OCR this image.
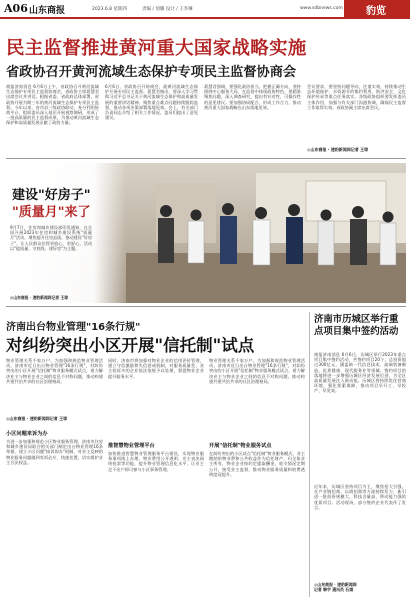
A06 山东商报	2023.6.8 星期四	责编 / 划璐 设计 / 王李琳	www.sdbnews.com 豹览
民主监督推进黄河重大国家战略实施
省政协召开黄河流域生态保护专项民主监督协商会
商报济南消息 6月6日上午，省政协召开黄河流域生态保护专项民主监督协商会，省政协主席葛慧君出席会议并讲话。根据省委、省政府总体部署，省政协开展为期三年的黄河流域生态保护专项民主监督。今年以来，省市县三级政协联动，充分利用协商平台，组织委员深入基层开展视察调研，形成了一批高质量的民主监督成果，为推动黄河流域生态保护和高质量发展贡献了政协力量。
6月6日，省政协召开协商会，就黄河流域生态保护开展专项民主监督。葛慧君指出，要深入学习贯彻习近平总书记关于黄河流域生态保护和高质量发展的重要讲话精神，聚焦重点难点问题持续跟踪监督，推动各项决策部署落地见效。会上，有关部门负责同志介绍了相关工作情况，委员们提出了意见建议。
葛慧君强调，要强化政治担当，把握正确方向，坚持围绕中心服务大局，在监督中体现政协特色。要精准聚焦问题，深入调查研究，提出有针对性、可操作性的意见建议。要加强协同配合，形成工作合力，推动黄河重大国家战略在山东落地见效。
会议要求，要坚持问题导向，注重实效，持续推动生态环境保护、水资源节约集约利用、防洪安全、文化保护传承等重点任务落实。各级政协组织要发挥委员主体作用，加强与有关部门沟通协调，确保民主监督工作取得实效。省政协副主席出席会议。
◎山东商报 · 速豹新闻网记者 王琼
建设"好房子"
"质量月"来了
9月7日，住房和城乡建设部印发通知，在全国开展2023年住房和城乡建设系统"质量月"活动，聚焦提升住房品质，推动建设"好房子"，让人民群众住得更放心、更舒心。活动以"提质量、守底线、建好房"为主题。
◎山东商报 · 速豹新闻网记者 王琼
济南出台物业管理"16条行规"
对纠纷突出小区开展"信托制"试点
物业管理关系千家万户。为加强和规范物业管理活动，济南市近日出台物业管理"16条行规"，对纠纷突出的小区开展"信托制"物业服务模式试点，着力解决业主与物业企业之间的信息不对称问题，推动构建共建共治共享的社区治理格局。
◎山东商报 · 速豹新闻网记者 王琼
小区问题来诉为办
为进一步加强和规范小区物业服务管理，济南市住房和城乡建设局联合相关部门制定出台物业管理16条举措，建立小区问题"接诉即办"机制，对业主反映的物业服务问题做到有诉必应、快速处置，切实维护业主合法权益。
同时，济南市将加强对物业企业的信用评价管理，建立守信激励和失信惩戒机制，对服务质量差、业主投诉多的企业依法依规予以处理，督促物业企业提升服务水平。
推智慧物业管理平台
加快推进智慧物业管理服务平台建设，实现物业服务事项线上办理、物业费用公开透明、业主表决网络投票等功能，提升物业管理信息化水平，让业主足不出户即可参与小区事务管理。
物业管理关系千家万户。为加强和规范物业管理活动，济南市近日出台物业管理"16条行规"，对纠纷突出的小区开展"信托制"物业服务模式试点，着力解决业主与物业企业之间的信息不对称问题，推动构建共建共治共享的社区治理格局。
开展"信托制"物业服务试点
在纠纷突出的小区试点"信托制"物业服务模式，业主缴纳的物业费和公共收益作为信托财产，归全体业主所有，物业企业按约定提取酬金，收支情况定期公开，接受业主监督，推动物业服务质量和收费透明度双提升。
济南市历城区举行重点项目集中签约活动
商报济南消息 6月6日，历城区举行2023年重点项目集中签约活动，共签约项目20个，总投资超过300亿元，涵盖新一代信息技术、高端装备制造、医养健康、现代服务业等领域。签约项目的落地将进一步增强历城区经济发展后劲，为全区高质量发展注入新动能。历城区将持续优化营商环境，强化要素保障，推动项目早开工、早投产、早见效。
近年来，历城区坚持项目为王，聚焦招大引强，在产业链招商、以商招商等方面持续发力，新引进一批投资规模大、科技含量高、带动能力强的优质项目。活动现场，部分签约企业代表作了发言。
◎山东商报 · 速豹新闻网
记者 韩宇 通讯员 石娟
